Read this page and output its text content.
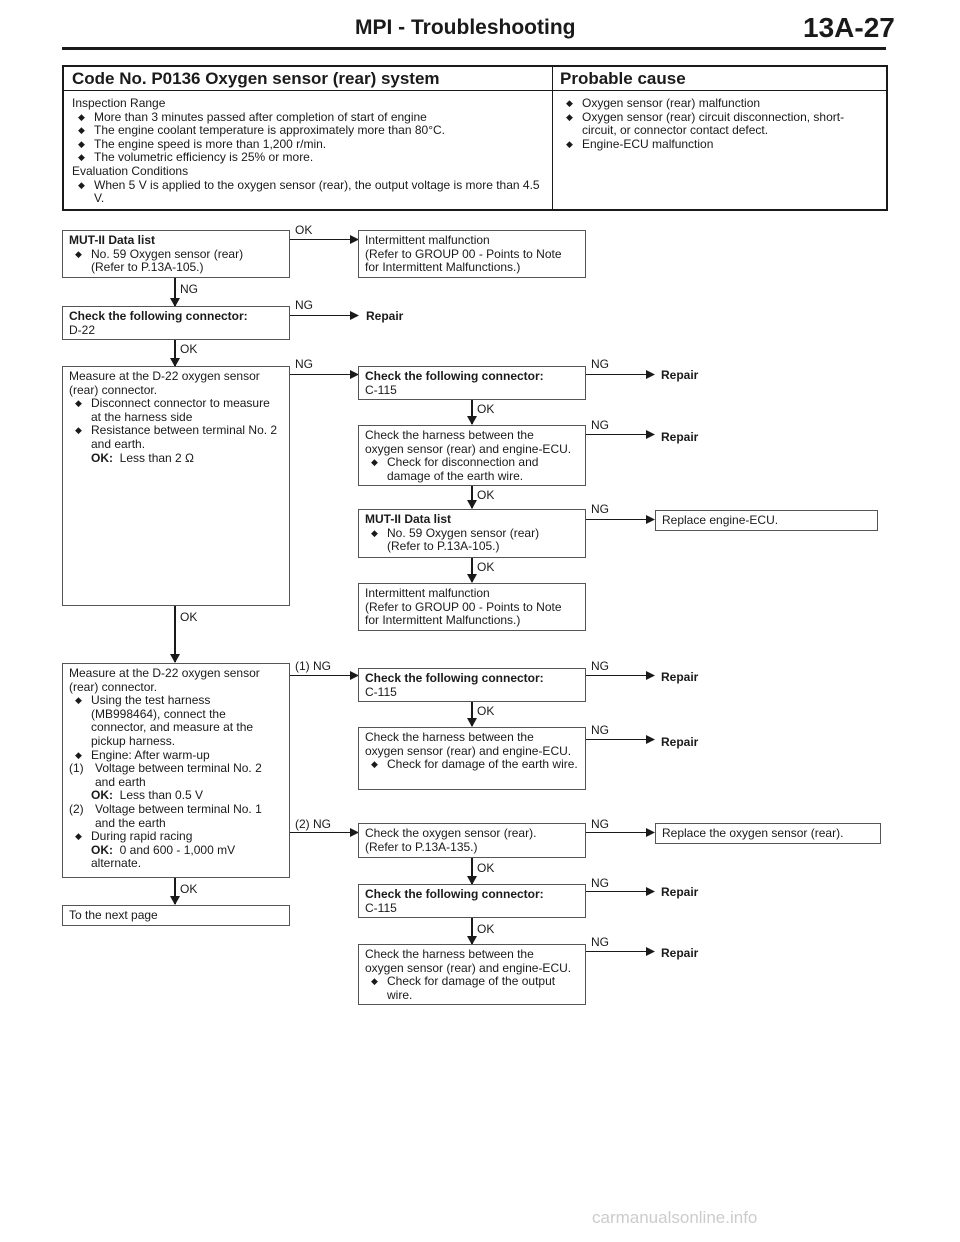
MPI - Troubleshooting	13A-27
Code No. P0136 Oxygen sensor (rear) system	Probable cause
Inspection Range
◆ More than 3 minutes passed after completion of start of engine
◆ The engine coolant temperature is approximately more than 80°C.
◆ The engine speed is more than 1,200 r/min.
◆ The volumetric efficiency is 25% or more.
Evaluation Conditions
◆ When 5 V is applied to the oxygen sensor (rear), the output voltage is more than 4.5 V.
◆ Oxygen sensor (rear) malfunction
◆ Oxygen sensor (rear) circuit disconnection, short-circuit, or connector contact defect.
◆ Engine-ECU malfunction
MUT-II Data list
◆ No. 59 Oxygen sensor (rear)
(Refer to P.13A-105.)
Intermittent malfunction
(Refer to GROUP 00 - Points to Note
for Intermittent Malfunctions.)
Check the following connector:
D-22
Measure at the D-22 oxygen sensor
(rear) connector.
◆ Disconnect connector to measure at the harness side
◆ Resistance between terminal No. 2 and earth.
OK: Less than 2 Ω
Check the following connector:
C-115
Check the harness between the
oxygen sensor (rear) and engine-ECU.
◆ Check for disconnection and damage of the earth wire.
MUT-II Data list
◆ No. 59 Oxygen sensor (rear)
(Refer to P.13A-105.)
Replace engine-ECU.
Intermittent malfunction
(Refer to GROUP 00 - Points to Note
for Intermittent Malfunctions.)
Measure at the D-22 oxygen sensor
(rear) connector.
◆ Using the test harness (MB998464), connect the connector, and measure at the pickup harness.
◆ Engine: After warm-up
(1) Voltage between terminal No. 2 and earth
OK: Less than 0.5 V
(2) Voltage between terminal No. 1 and the earth
◆ During rapid racing
OK: 0 and 600 - 1,000 mV alternate.
Check the following connector:
C-115
Check the harness between the
oxygen sensor (rear) and engine-ECU.
◆ Check for damage of the earth wire.
Check the oxygen sensor (rear).
(Refer to P.13A-135.)
Replace the oxygen sensor (rear).
Check the following connector:
C-115
To the next page
Check the harness between the
oxygen sensor (rear) and engine-ECU.
◆ Check for damage of the output wire.
OK
NG
NG
Repair
OK
NG	NG
Repair
OK
NG
Repair
OK
NG
OK
OK
(1) NG	NG
Repair
OK
NG
Repair
(2) NG	NG
OK
NG
Repair
OK
OK
NG
Repair
carmanualsonline.info
